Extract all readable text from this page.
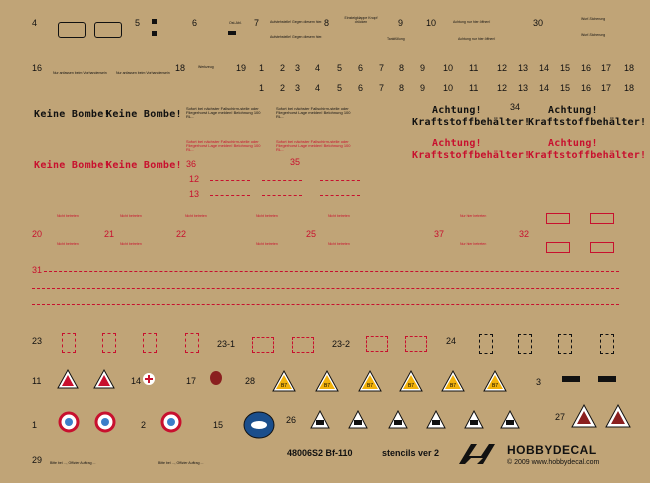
4	5	6	Ost-Abl. 7	Aufstehstelle! Gegen diesem hier.
Aufstehstelle! Gegen diesem hier.
8	Einsteigklappe Knopf drücken	9
Tankfüllung
10	Achtung nur hier öffnen!
Achtung nur hier öffnen!
30	Wurf-Sicherung
Wurf-Sicherung
16	Nur anfassen beim Vorhandensein	Nur anfassen beim Vorhandensein 18	Werkzeug 19
Keine Bombe!
Keine Bombe!
Keine Bombe!
Keine Bombe!
Sofort bei nächster Fallschirm-stelle oder Fliegerhorst Lage melden! Belohnung 100 RL.-
Sofort bei nächster Fallschirm-stelle oder Fliegerhorst Lage melden! Belohnung 100 RL.-
Sofort bei nächster Fallschirm-stelle oder Fliegerhorst Lage melden! Belohnung 100 RL.-
Sofort bei nächster Fallschirm-stelle oder Fliegerhorst Lage melden! Belohnung 100 RL.-
Achtung!
Kraftstoffbehälter!
Achtung!
Kraftstoffbehälter!
34
Achtung!
Kraftstoffbehälter!
Achtung!
Kraftstoffbehälter!
36	35
12
13
20	21	22	25	37	32
Nicht betreten	Nicht betreten	Nicht betreten	Nicht betreten	Nicht betreten	Nur hier betreten
Nicht betreten	Nicht betreten	Nicht betreten	Nicht betreten	Nur hier betreten
31
23	23-1	23-2	24
11	14	17	28	3
1	2	15	26	27
29 Bitte bei ..., Offizier Auftrag ...	Bitte bei ..., Offizier Auftrag ...
48006S2 Bf-110	stencils ver 2	HOBBYDECAL
© 2009 www.hobbydecal.com
1 2 3 4 5 6 7 8 9 10 11 12 13 14 15 16 17 18
1 2 3 4 5 6 7 8 9 10 11 12 13 14 15 16 17 18
B7	B7	B7	B7	B7	B7
